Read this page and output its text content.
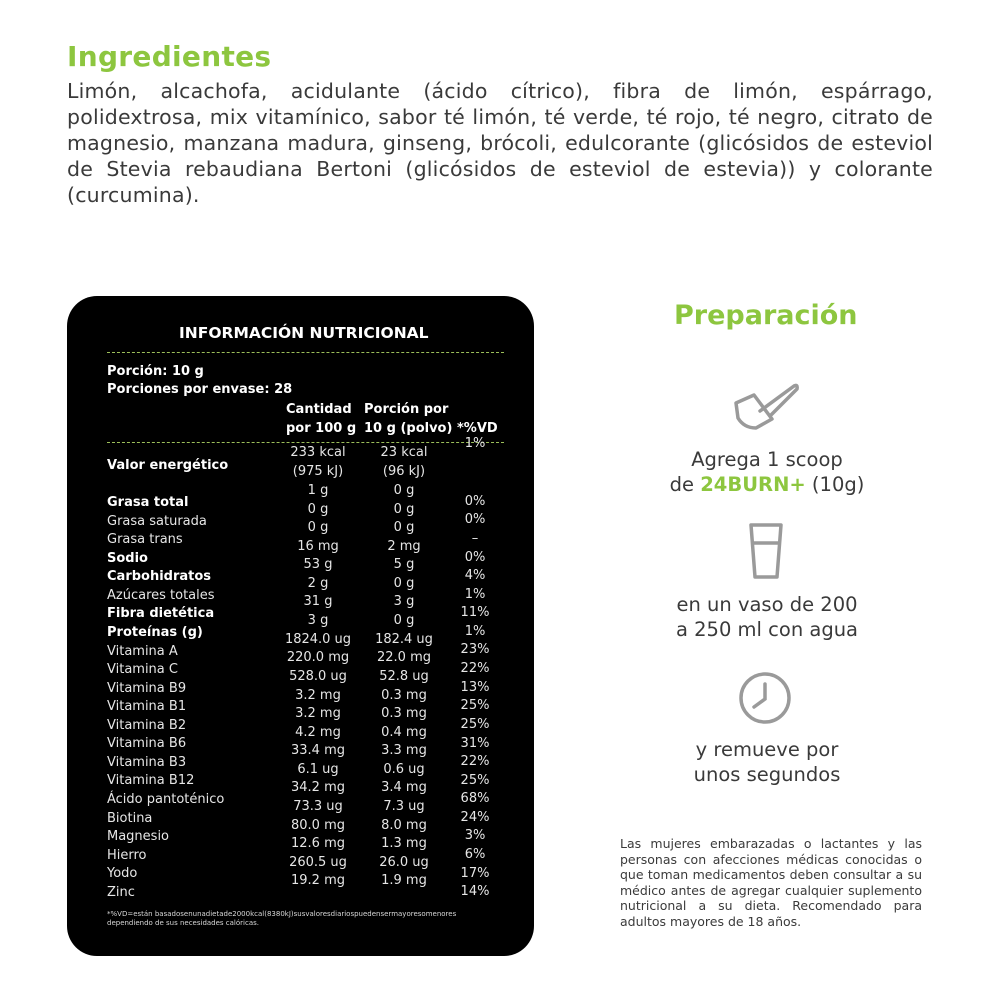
Ingredientes

Limón, alcachofa, acidulante (ácido cítrico), fibra de limón, espárrago, polidextrosa, mix vitamínico, sabor té limón, té verde, té rojo, té negro, citrato de magnesio, manzana madura, ginseng, brócoli, edulcorante (glicósidos de esteviol de Stevia rebaudiana Bertoni (glicósidos de esteviol de estevia)) y colorante (curcumina).

INFORMACIÓN NUTRICIONAL
Porción: 10 g
Porciones por envase: 28
Cantidad
por 100 g
Porción por
10 g (polvo) *%VD
*%VD=están basadosenunadietade2000kcal(8380kJ)susvaloresdiariospuedensermayoresomenores
dependiendo de sus necesidades calóricas.
Valor energético
Grasa total
Grasa saturada
Grasa trans
Sodio
Carbohidratos
Azúcares totales
Fibra dietética
Proteínas (g)
Vitamina A
Vitamina C
Vitamina B9
Vitamina B1
Vitamina B2
Vitamina B6
Vitamina B3
Vitamina B12
Ácido pantoténico
Biotina
Magnesio
Hierro
Yodo
Zinc
233 kcal
(975 kJ)
1 g
0 g
0 g
16 mg
53 g
2 g
31 g
3 g
1824.0 ug
220.0 mg
528.0 ug
3.2 mg
3.2 mg
4.2 mg
33.4 mg
6.1 ug
34.2 mg
73.3 ug
80.0 mg
12.6 mg
260.5 ug
19.2 mg
23 kcal
(96 kJ)
0 g
0 g
0 g
2 mg
5 g
0 g
3 g
0 g
182.4 ug
22.0 mg
52.8 ug
0.3 mg
0.3 mg
0.4 mg
3.3 mg
0.6 ug
3.4 mg
7.3 ug
8.0 mg
1.3 mg
26.0 ug
1.9 mg
1%
0%
0%
–
0%
4%
1%
11%
1%
23%
22%
13%
25%
25%
31%
22%
25%
68%
24%
3%
6%
17%
14%
Preparación
Agrega 1 scoop
de 24BURN+ (10g)
en un vaso de 200
a 250 ml con agua
y remueve por
unos segundos
Las mujeres embarazadas o lactantes y las personas con afecciones médicas conocidas o que toman medicamentos deben consultar a su médico antes de agregar cualquier suplemento nutricional a su dieta. Recomendado para adultos mayores de 18 años.
